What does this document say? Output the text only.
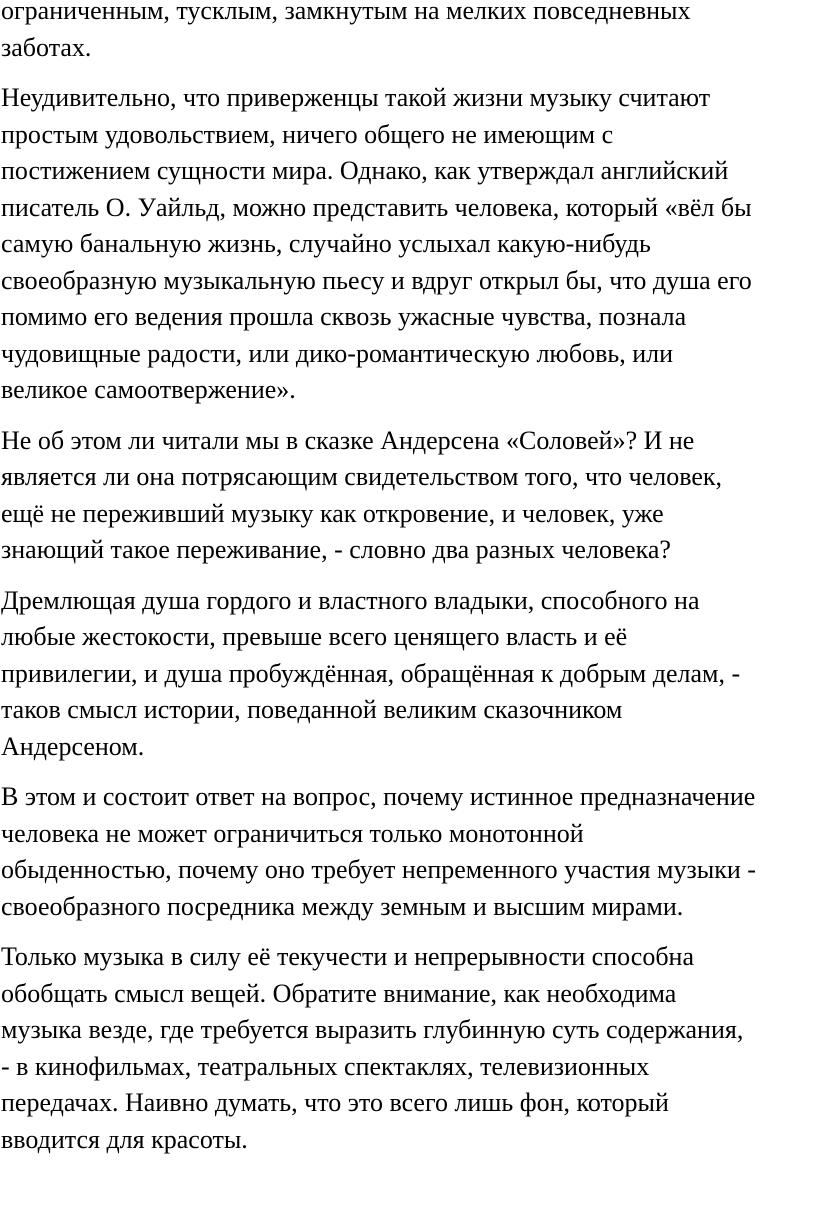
ограниченным, тусклым, замкнутым на мелких повседневных
заботах.

Неудивительно, что приверженцы такой жизни музыку считают
простым удовольствием, ничего общего не имеющим с
постижением сущности мира. Однако, как утверждал английский
писатель О. Уайльд, можно представить человека, который «вёл бы
самую банальную жизнь, случайно услыхал какую-нибудь
своеобразную музыкальную пьесу и вдруг открыл бы, что душа его
помимо его ведения прошла сквозь ужасные чувства, познала
чудовищные радости, или дико-романтическую любовь, или
великое самоотвержение».

Не об этом ли читали мы в сказке Андерсена «Соловей»? И не
является ли она потрясающим свидетельством того, что человек,
ещё не переживший музыку как откровение, и человек, уже
знающий такое переживание, - словно два разных человека?

Дремлющая душа гордого и властного владыки, способного на
любые жестокости, превыше всего ценящего власть и её
привилегии, и душа пробуждённая, обращённая к добрым делам, -
таков смысл истории, поведанной великим сказочником
Андерсеном.

В этом и состоит ответ на вопрос, почему истинное предназначение
человека не может ограничиться только монотонной
обыденностью, почему оно требует непременного участия музыки -
своеобразного посредника между земным и высшим мирами.

Только музыка в силу её текучести и непрерывности способна
обобщать смысл вещей. Обратите внимание, как необходима
музыка везде, где требуется выразить глубинную суть содержания,
- в кинофильмах, театральных спектаклях, телевизионных
передачах. Наивно думать, что это всего лишь фон, который
вводится для красоты.
